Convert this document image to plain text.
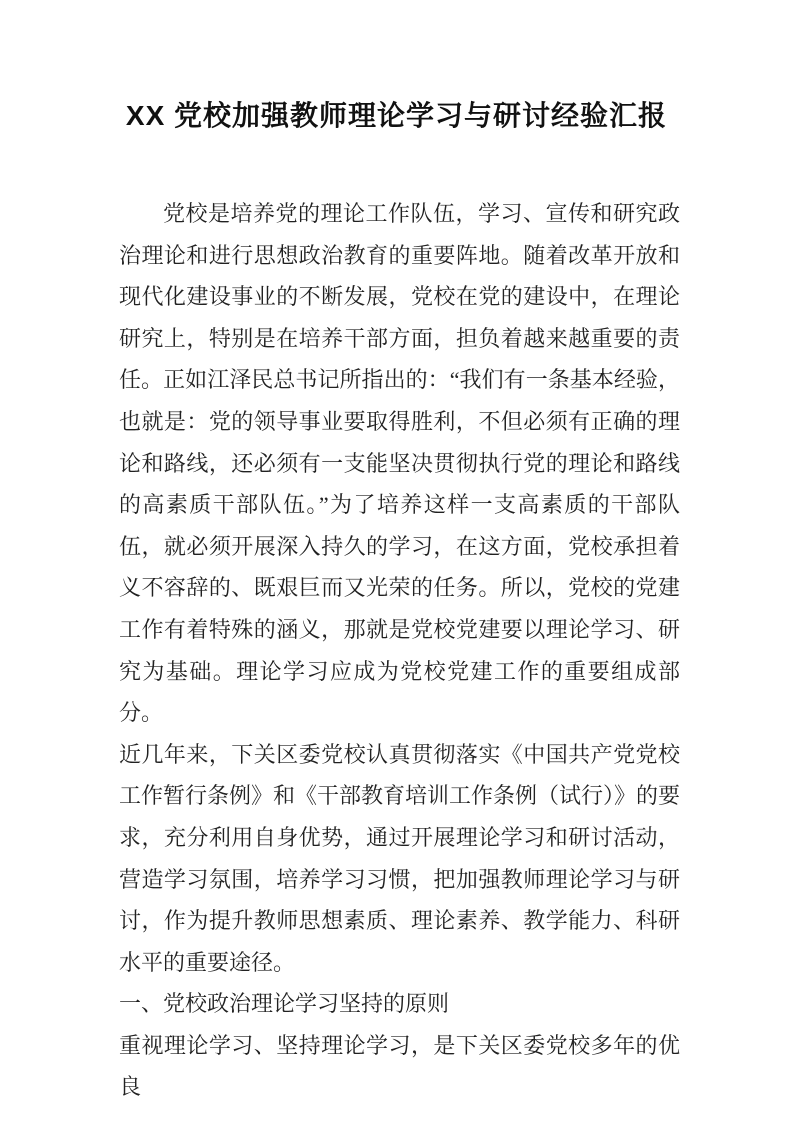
XX 党校加强教师理论学习与研讨经验汇报

党校是培养党的理论工作队伍，学习、宣传和研究政治理论和进行思想政治教育的重要阵地。随着改革开放和现代化建设事业的不断发展，党校在党的建设中，在理论研究上，特别是在培养干部方面，担负着越来越重要的责任。正如江泽民总书记所指出的：“我们有一条基本经验，也就是：党的领导事业要取得胜利，不但必须有正确的理论和路线，还必须有一支能坚决贯彻执行党的理论和路线的高素质干部队伍。”为了培养这样一支高素质的干部队伍，就必须开展深入持久的学习，在这方面，党校承担着义不容辞的、既艰巨而又光荣的任务。所以，党校的党建工作有着特殊的涵义，那就是党校党建要以理论学习、研究为基础。理论学习应成为党校党建工作的重要组成部分。

近几年来，下关区委党校认真贯彻落实《中国共产党党校工作暂行条例》和《干部教育培训工作条例（试行）》的要求，充分利用自身优势，通过开展理论学习和研讨活动，营造学习氛围，培养学习习惯，把加强教师理论学习与研讨，作为提升教师思想素质、理论素养、教学能力、科研水平的重要途径。

一、党校政治理论学习坚持的原则

重视理论学习、坚持理论学习，是下关区委党校多年的优良
